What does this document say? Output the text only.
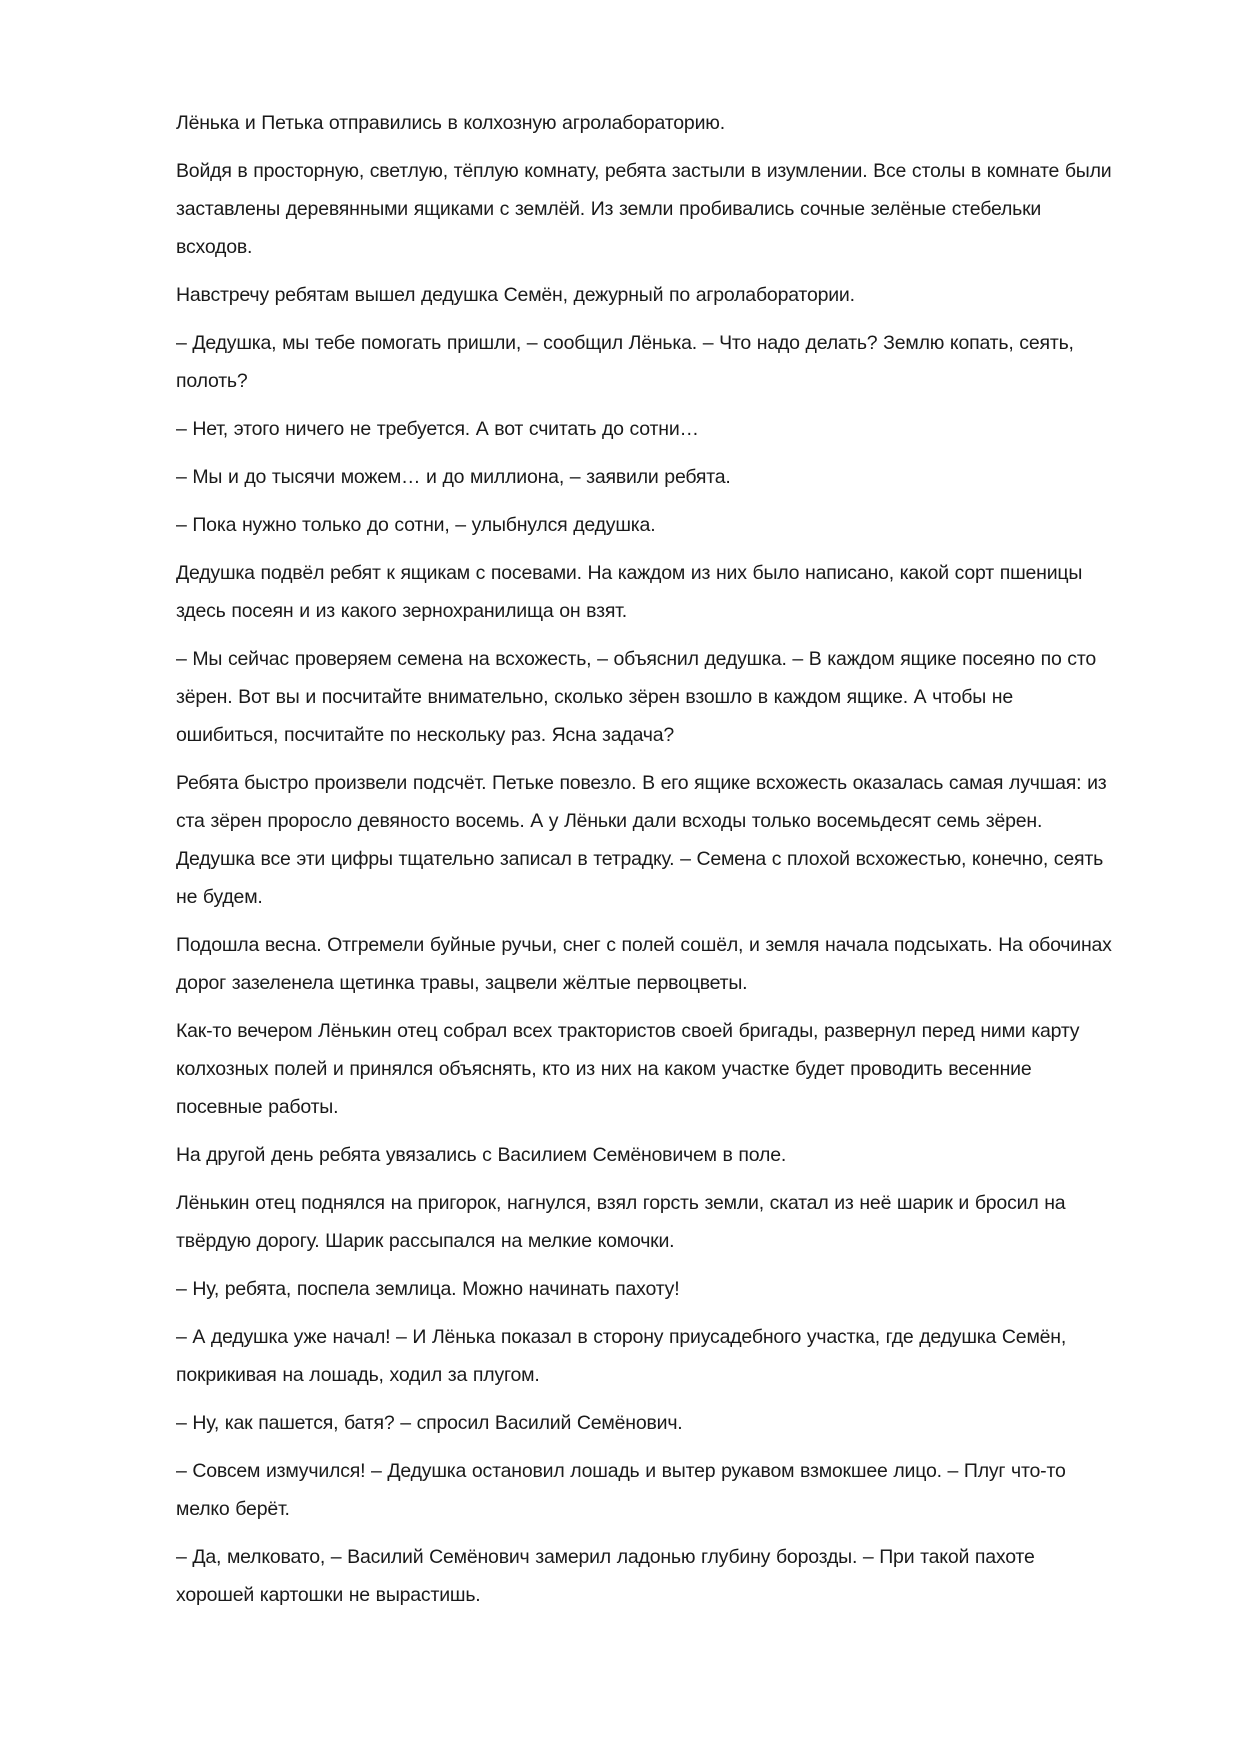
Лёнька и Петька отправились в колхозную агролабораторию.

Войдя в просторную, светлую, тёплую комнату, ребята застыли в изумлении. Все столы в комнате были заставлены деревянными ящиками с землёй. Из земли пробивались сочные зелёные стебельки всходов.

Навстречу ребятам вышел дедушка Семён, дежурный по агролаборатории.

– Дедушка, мы тебе помогать пришли, – сообщил Лёнька. – Что надо делать? Землю копать, сеять, полоть?

– Нет, этого ничего не требуется. А вот считать до сотни…

– Мы и до тысячи можем… и до миллиона, – заявили ребята.

– Пока нужно только до сотни, – улыбнулся дедушка.

Дедушка подвёл ребят к ящикам с посевами. На каждом из них было написано, какой сорт пшеницы здесь посеян и из какого зернохранилища он взят.

– Мы сейчас проверяем семена на всхожесть, – объяснил дедушка. – В каждом ящике посеяно по сто зёрен. Вот вы и посчитайте внимательно, сколько зёрен взошло в каждом ящике. А чтобы не ошибиться, посчитайте по нескольку раз. Ясна задача?

Ребята быстро произвели подсчёт. Петьке повезло. В его ящике всхожесть оказалась самая лучшая: из ста зёрен проросло девяносто восемь. А у Лёньки дали всходы только восемьдесят семь зёрен. Дедушка все эти цифры тщательно записал в тетрадку. – Семена с плохой всхожестью, конечно, сеять не будем.

Подошла весна. Отгремели буйные ручьи, снег с полей сошёл, и земля начала подсыхать. На обочинах дорог зазеленела щетинка травы, зацвели жёлтые первоцветы.

Как-то вечером Лёнькин отец собрал всех трактористов своей бригады, развернул перед ними карту колхозных полей и принялся объяснять, кто из них на каком участке будет проводить весенние посевные работы.

На другой день ребята увязались с Василием Семёновичем в поле.

Лёнькин отец поднялся на пригорок, нагнулся, взял горсть земли, скатал из неё шарик и бросил на твёрдую дорогу. Шарик рассыпался на мелкие комочки.

– Ну, ребята, поспела землица. Можно начинать пахоту!

– А дедушка уже начал! – И Лёнька показал в сторону приусадебного участка, где дедушка Семён, покрикивая на лошадь, ходил за плугом.

– Ну, как пашется, батя? – спросил Василий Семёнович.

– Совсем измучился! – Дедушка остановил лошадь и вытер рукавом взмокшее лицо. – Плуг что-то мелко берёт.

– Да, мелковато, – Василий Семёнович замерил ладонью глубину борозды. – При такой пахоте хорошей картошки не вырастишь.
